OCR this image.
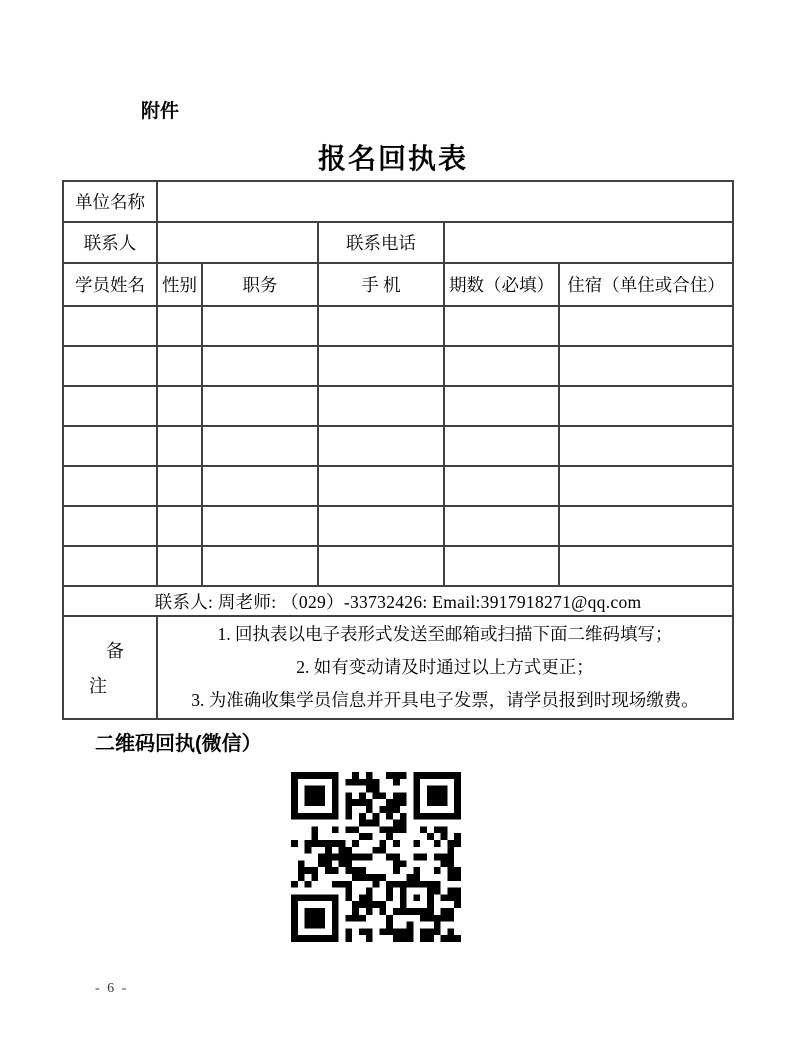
附件
报名回执表
单位名称					
联系人			联系电话		
学员姓名	性别	职务	手 机	期数（必填）	住宿（单住或合住）

联系人: 周老师: （029）-33732426: Email:3917918271@qq.com					

备
注

1. 回执表以电子表形式发送至邮箱或扫描下面二维码填写；
2. 如有变动请及时通过以上方式更正；
3. 为准确收集学员信息并开具电子发票，请学员报到时现场缴费。
二维码回执(微信）
- 6 -
